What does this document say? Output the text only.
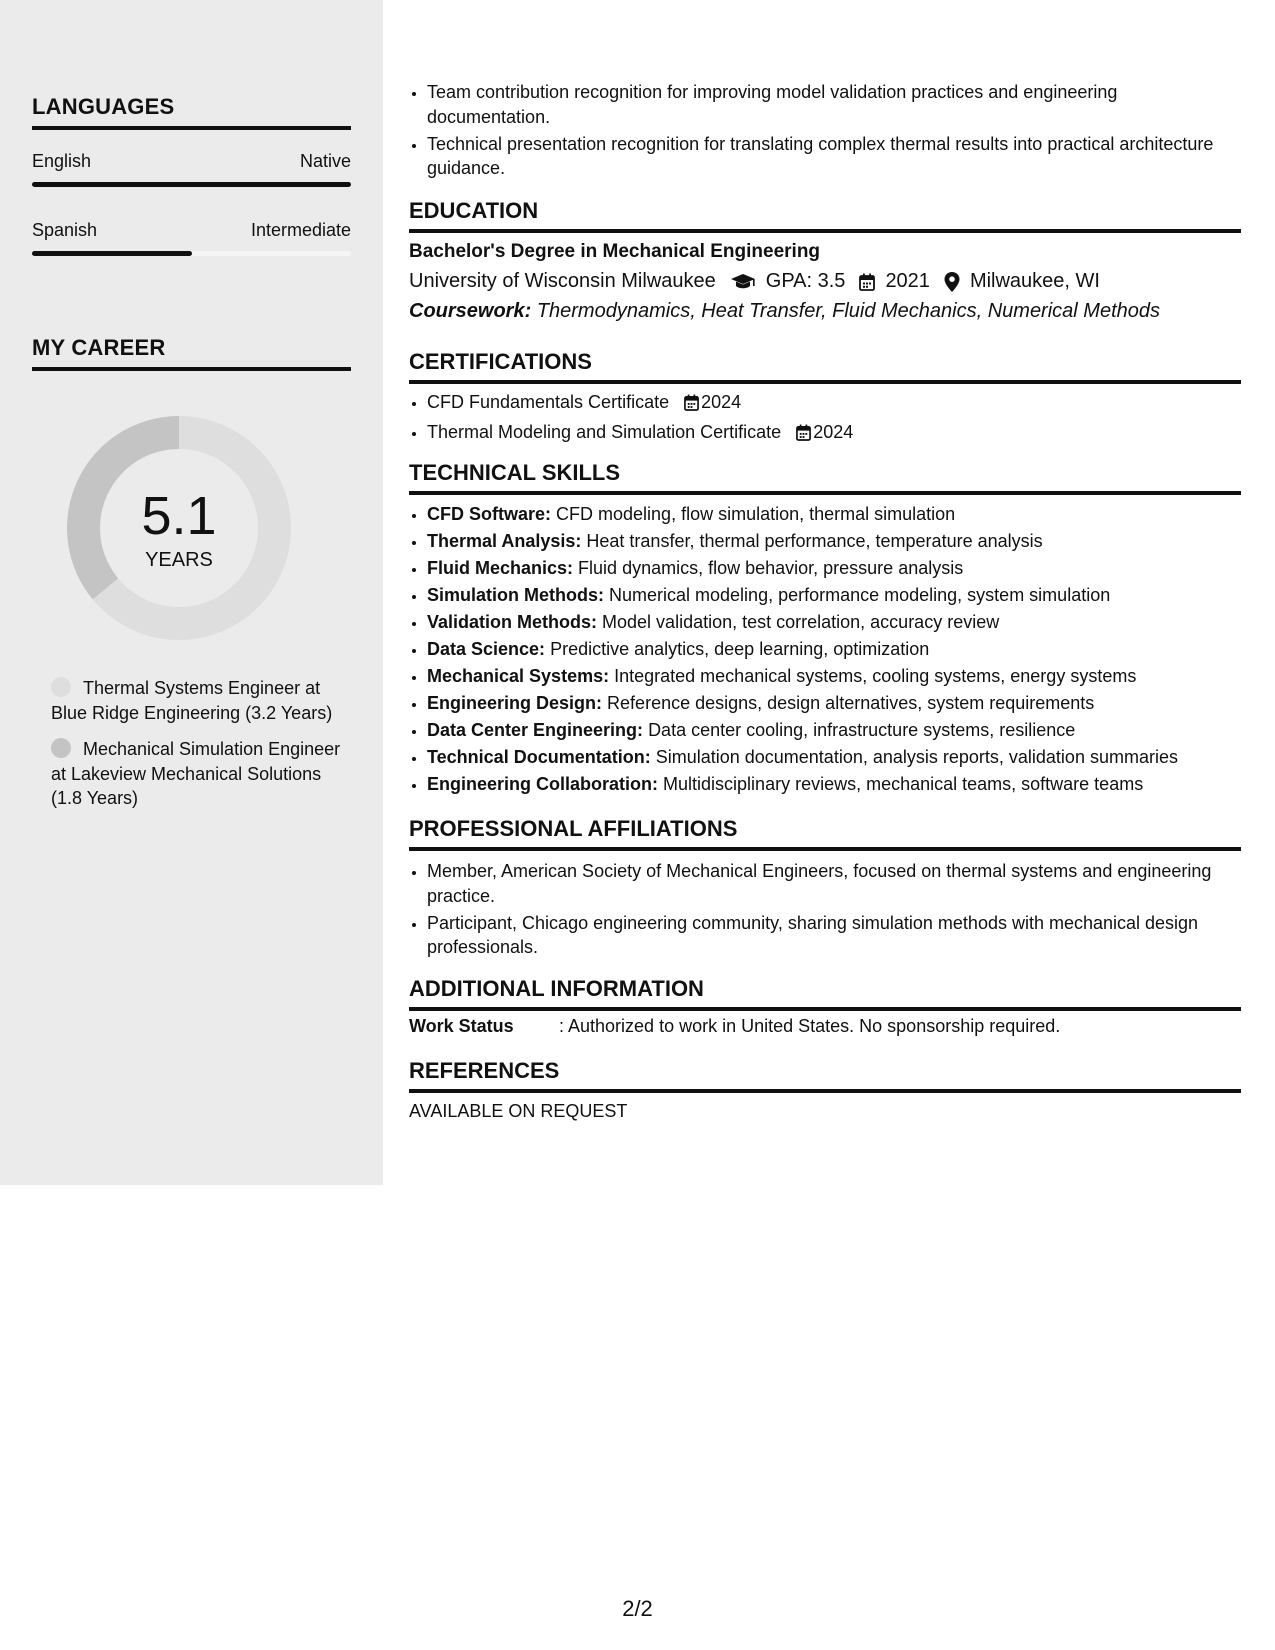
LANGUAGES
English	Native
Spanish	Intermediate
MY CAREER
5.1
YEARS
Thermal Systems Engineer at Blue Ridge Engineering (3.2 Years)
Mechanical Simulation Engineer at Lakeview Mechanical Solutions (1.8 Years)
• Team contribution recognition for improving model validation practices and engineering documentation.
• Technical presentation recognition for translating complex thermal results into practical architecture guidance.
EDUCATION
Bachelor's Degree in Mechanical Engineering
University of Wisconsin Milwaukee	GPA: 3.5 2021 Milwaukee, WI
Coursework: Thermodynamics, Heat Transfer, Fluid Mechanics, Numerical Methods
CERTIFICATIONS
• CFD Fundamentals Certificate 2024
• Thermal Modeling and Simulation Certificate 2024
TECHNICAL SKILLS
• CFD Software: CFD modeling, flow simulation, thermal simulation
• Thermal Analysis: Heat transfer, thermal performance, temperature analysis
• Fluid Mechanics: Fluid dynamics, flow behavior, pressure analysis
• Simulation Methods: Numerical modeling, performance modeling, system simulation
• Validation Methods: Model validation, test correlation, accuracy review
• Data Science: Predictive analytics, deep learning, optimization
• Mechanical Systems: Integrated mechanical systems, cooling systems, energy systems
• Engineering Design: Reference designs, design alternatives, system requirements
• Data Center Engineering: Data center cooling, infrastructure systems, resilience
• Technical Documentation: Simulation documentation, analysis reports, validation summaries
• Engineering Collaboration: Multidisciplinary reviews, mechanical teams, software teams
PROFESSIONAL AFFILIATIONS
• Member, American Society of Mechanical Engineers, focused on thermal systems and engineering practice.
• Participant, Chicago engineering community, sharing simulation methods with mechanical design professionals.
ADDITIONAL INFORMATION
Work Status	: Authorized to work in United States. No sponsorship required.
REFERENCES
AVAILABLE ON REQUEST
2/2
